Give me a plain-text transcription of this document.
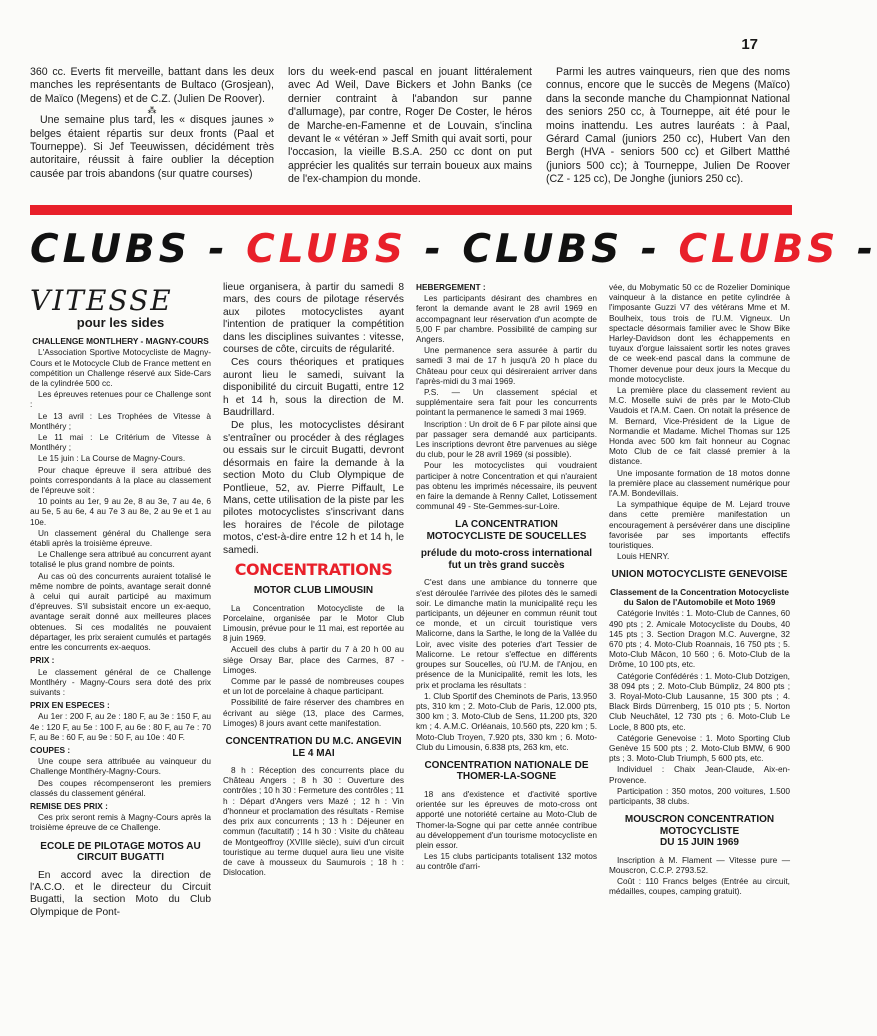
17

360 cc. Everts fit merveille, battant dans les deux manches les représentants de Bultaco (Grosjean), de Maïco (Megens) et de C.Z. (Julien De Roover).

⁂

Une semaine plus tard, les « disques jaunes » belges étaient répartis sur deux fronts (Paal et Tourneppe). Si Jef Teeuwissen, décidément très autoritaire, réussit à faire oublier la déception causée par trois abandons (sur quatre courses)

lors du week-end pascal en jouant littéralement avec Ad Weil, Dave Bickers et John Banks (ce dernier contraint à l'abandon sur panne d'allumage), par contre, Roger De Coster, le héros de Marche-en-Famenne et de Louvain, s'inclina devant le « vétéran » Jeff Smith qui avait sorti, pour l'occasion, la vieille B.S.A. 250 cc dont on put apprécier les qualités sur terrain boueux aux mains de l'ex-champion du monde.

Parmi les autres vainqueurs, rien que des noms connus, encore que le succès de Megens (Maïco) dans la seconde manche du Championnat National des seniors 250 cc, à Tourneppe, ait été pour le moins inattendu. Les autres lauréats : à Paal, Gérard Camal (juniors 250 cc), Hubert Van den Bergh (HVA - seniors 500 cc) et Gilbert Matthé (juniors 500 cc); à Tourneppe, Julien De Roover (CZ - 125 cc), De Jonghe (juniors 250 cc).

CLUBS - CLUBS - CLUBS - CLUBS -
VITESSE
pour les sides

CHALLENGE MONTLHERY - MAGNY-COURS

L'Association Sportive Motocycliste de Magny-Cours et le Motocycle Club de France mettent en compétition un Challenge réservé aux Side-Cars de la cylindrée 500 cc.

Les épreuves retenues pour ce Challenge sont :

Le 13 avril : Les Trophées de Vitesse à Montlhéry ;

Le 11 mai : Le Critérium de Vitesse à Montlhéry ;

Le 15 juin : La Course de Magny-Cours.

Pour chaque épreuve il sera attribué des points correspondants à la place au classement de l'épreuve soit :

10 points au 1er, 9 au 2e, 8 au 3e, 7 au 4e, 6 au 5e, 5 au 6e, 4 au 7e 3 au 8e, 2 au 9e et 1 au 10e.

Un classement général du Challenge sera établi après la troisième épreuve.

Le Challenge sera attribué au concurrent ayant totalisé le plus grand nombre de points.

Au cas où des concurrents auraient totalisé le même nombre de points, avantage serait donné à celui qui aurait participé au maximum d'épreuves. S'il subsistait encore un ex-aequo, avantage serait donné aux meilleures places obtenues. Si ces modalités ne pouvaient départager, les prix seraient cumulés et partagés entre les concurrents ex-aequos.

PRIX :

Le classement général de ce Challenge Montlhéry - Magny-Cours sera doté des prix suivants :

PRIX EN ESPECES :

Au 1er : 200 F, au 2e : 180 F, au 3e : 150 F, au 4e : 120 F, au 5e : 100 F, au 6e : 80 F, au 7e : 70 F, au 8e : 60 F, au 9e : 50 F, au 10e : 40 F.

COUPES :

Une coupe sera attribuée au vainqueur du Challenge Montlhéry-Magny-Cours.

Des coupes récompenseront les premiers classés du classement général.

REMISE DES PRIX :

Ces prix seront remis à Magny-Cours après la troisième épreuve de ce Challenge.

ECOLE DE PILOTAGE MOTOS AU CIRCUIT BUGATTI

En accord avec la direction de l'A.C.O. et le directeur du Circuit Bugatti, la section Moto du Club Olympique de Pont-

lieue organisera, à partir du samedi 8 mars, des cours de pilotage réservés aux pilotes motocyclistes ayant l'intention de pratiquer la compétition dans les disciplines suivantes : vitesse, courses de côte, circuits de régularité.

Ces cours théoriques et pratiques auront lieu le samedi, suivant la disponibilité du circuit Bugatti, entre 12 h et 14 h, sous la direction de M. Baudrillard.

De plus, les motocyclistes désirant s'entraîner ou procéder à des réglages ou essais sur le circuit Bugatti, devront désormais en faire la demande à la section Moto du Club Olympique de Pontlieue, 52, av. Pierre Piffault, Le Mans, cette utilisation de la piste par les pilotes motocyclistes s'inscrivant dans les horaires de l'école de pilotage motos, c'est-à-dire entre 12 h et 14 h, le samedi.

CONCENTRATIONS
MOTOR CLUB LIMOUSIN

La Concentration Motocycliste de la Porcelaine, organisée par le Motor Club Limousin, prévue pour le 11 mai, est reportée au 8 juin 1969.

Accueil des clubs à partir du 7 à 20 h 00 au siège Orsay Bar, place des Carmes, 87 - Limoges.

Comme par le passé de nombreuses coupes et un lot de porcelaine à chaque participant.

Possibilité de faire réserver des chambres en écrivant au siège (13, place des Carmes, Limoges) 8 jours avant cette manifestation.

CONCENTRATION DU M.C. ANGEVIN LE 4 MAI

8 h : Réception des concurrents place du Château Angers ; 8 h 30 : Ouverture des contrôles ; 10 h 30 : Fermeture des contrôles ; 11 h : Départ d'Angers vers Mazé ; 12 h : Vin d'honneur et proclamation des résultats - Remise des prix aux concurrents ; 13 h : Déjeuner en commun (facultatif) ; 14 h 30 : Visite du château de Montgeoffroy (XVIIIe siècle), suivi d'un circuit touristique au terme duquel aura lieu une visite de cave à mousseux du Saumurois ; 18 h : Dislocation.

HEBERGEMENT :

Les participants désirant des chambres en feront la demande avant le 28 avril 1969 en accompagnant leur réservation d'un acompte de 5,00 F par chambre. Possibilité de camping sur Angers.

Une permanence sera assurée à partir du samedi 3 mai de 17 h jusqu'à 20 h place du Château pour ceux qui désireraient arriver dans l'après-midi du 3 mai 1969.

P.S. — Un classement spécial et supplémentaire sera fait pour les concurrents pointant la permanence le samedi 3 mai 1969.

Inscription : Un droit de 6 F par pilote ainsi que par passager sera demandé aux participants. Les inscriptions devront être parvenues au siège du club, pour le 28 avril 1969 (si possible).

Pour les motocyclistes qui voudraient participer à notre Concentration et qui n'auraient pas obtenu les imprimés nécessaire, ils peuvent en faire la demande à Renny Callet, Lotissement communal 49 - Ste-Gemmes-sur-Loire.

LA CONCENTRATION MOTOCYCLISTE DE SOUCELLES
prélude du moto-cross international fut un très grand succès

C'est dans une ambiance du tonnerre que s'est déroulée l'arrivée des pilotes dès le samedi soir. Le dimanche matin la municipalité reçu les participants, un déjeuner en commun réunit tout ce monde, et un circuit touristique vers Malicorne, dans la Sarthe, le long de la Vallée du Loir, avec visite des poteries d'art Tessier de Malicorne. Le retour s'effectue en différents groupes sur Soucelles, où l'U.M. de l'Anjou, en présence de la Municipalité, remit les lots, les prix et proclama les résultats :

1. Club Sportif des Cheminots de Paris, 13.950 pts, 310 km ; 2. Moto-Club de Paris, 12.000 pts, 300 km ; 3. Moto-Club de Sens, 11.200 pts, 320 km ; 4. A.M.C. Orléanais, 10.560 pts, 220 km ; 5. Moto-Club Troyen, 7.920 pts, 330 km ; 6. Moto-Club du Limousin, 6.838 pts, 263 km, etc.

CONCENTRATION NATIONALE DE THOMER-LA-SOGNE

18 ans d'existence et d'activité sportive orientée sur les épreuves de moto-cross ont apporté une notoriété certaine au Moto-Club de Thomer-la-Sogne qui par cette année contribue au développement d'un tourisme motocycliste en plein essor.

Les 15 clubs participants totalisent 132 motos au contrôle d'arri-

vée, du Mobymatic 50 cc de Rozelier Dominique vainqueur à la distance en petite cylindrée à l'imposante Guzzi V7 des vétérans Mme et M. Boulheix, tous trois de l'U.M. Vigneux. Un spectacle désormais familier avec le Show Bike Harley-Davidson dont les échappements en tuyaux d'orgue laissaient sortir les notes graves de ce week-end pascal dans la commune de Thomer devenue pour deux jours la Mecque du monde motocycliste.

La première place du classement revient au M.C. Moselle suivi de près par le Moto-Club Vaudois et l'A.M. Caen. On notait la présence de M. Bernard, Vice-Président de la Ligue de Normandie et Madame. Michel Thomas sur 125 Honda avec 500 km fait honneur au Cognac Moto Club de ce fait classé premier à la distance.

Une imposante formation de 18 motos donne la première place au classement numérique pour l'A.M. Bondevillais.

La sympathique équipe de M. Lejard trouve dans cette première manifestation un encouragement à persévérer dans une discipline favorisée par ses importants effectifs touristiques.

Louis HENRY.

UNION MOTOCYCLISTE GENEVOISE

Classement de la Concentration Motocycliste du Salon de l'Automobile et Moto 1969

Catégorie Invités : 1. Moto-Club de Cannes, 60 490 pts ; 2. Amicale Motocycliste du Doubs, 40 145 pts ; 3. Section Dragon M.C. Auvergne, 32 670 pts ; 4. Moto-Club Roannais, 16 750 pts ; 5. Moto-Club Mâcon, 10 560 ; 6. Moto-Club de la Drôme, 10 100 pts, etc.

Catégorie Confédérés : 1. Moto-Club Dotzigen, 38 094 pts ; 2. Moto-Club Bümpliz, 24 800 pts ; 3. Royal-Moto-Club Lausanne, 15 300 pts ; 4. Black Birds Dürrenberg, 15 010 pts ; 5. Norton Club Neuchâtel, 12 730 pts ; 6. Moto-Club Le Locle, 8 800 pts, etc.

Catégorie Genevoise : 1. Moto Sporting Club Genève 15 500 pts ; 2. Moto-Club BMW, 6 900 pts ; 3. Moto-Club Triumph, 5 600 pts, etc.

Individuel : Chaix Jean-Claude, Aix-en-Provence.

Participation : 350 motos, 200 voitures, 1.500 participants, 38 clubs.

MOUSCRON CONCENTRATION MOTOCYCLISTE
DU 15 JUIN 1969

Inscription à M. Flament — Vitesse pure — Mouscron, C.C.P. 2793.52.

Coût : 110 Francs belges (Entrée au circuit, médailles, coupes, camping gratuit).
